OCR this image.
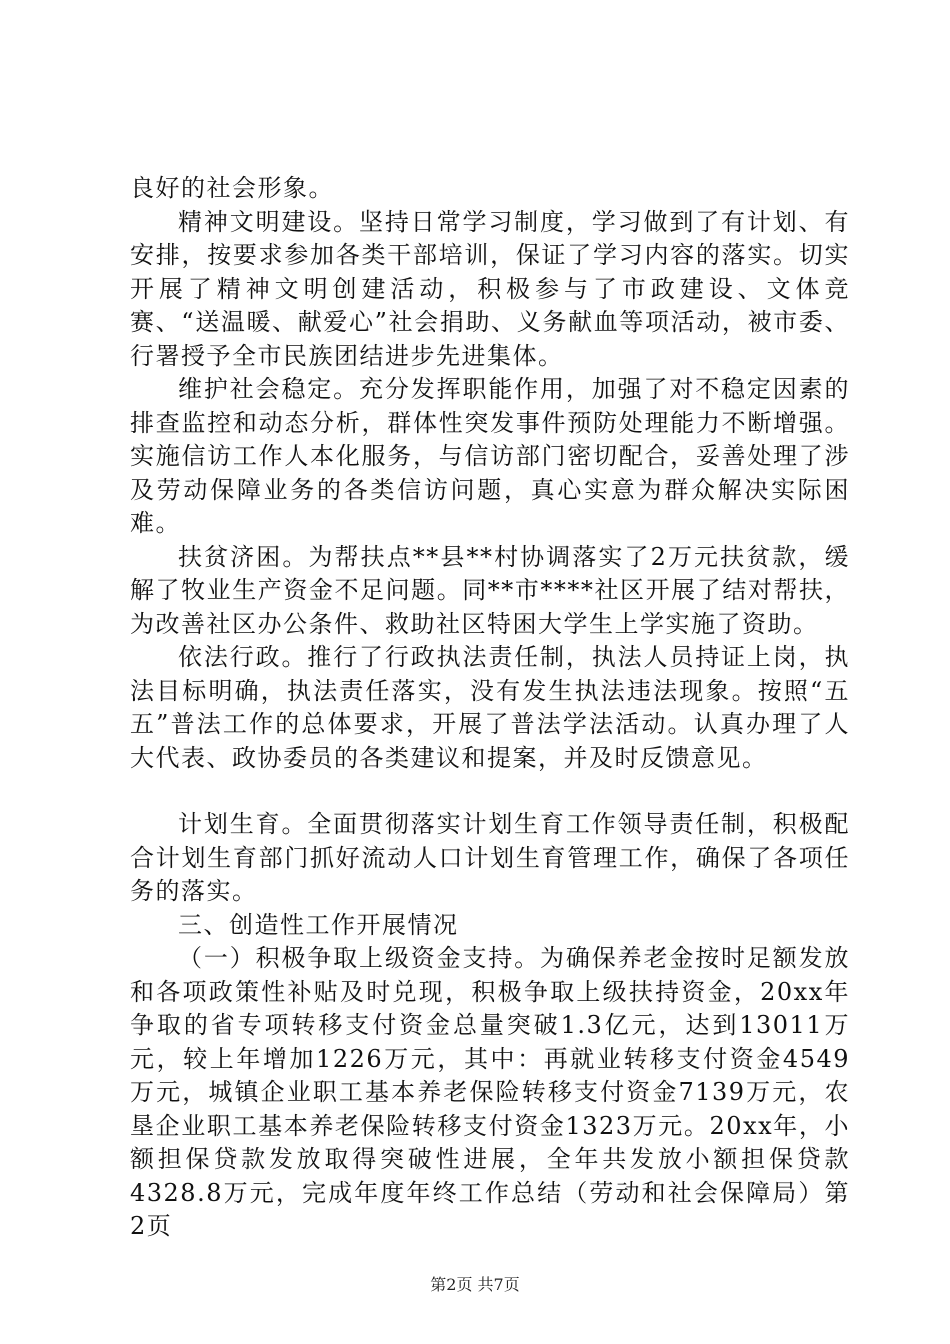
良好的社会形象。

精神文明建设。坚持日常学习制度，学习做到了有计划、有安排，按要求参加各类干部培训，保证了学习内容的落实。切实开展了精神文明创建活动，积极参与了市政建设、文体竞赛、“送温暖、献爱心”社会捐助、义务献血等项活动，被市委、行署授予全市民族团结进步先进集体。

维护社会稳定。充分发挥职能作用，加强了对不稳定因素的排查监控和动态分析，群体性突发事件预防处理能力不断增强。实施信访工作人本化服务，与信访部门密切配合，妥善处理了涉及劳动保障业务的各类信访问题，真心实意为群众解决实际困难。

扶贫济困。为帮扶点**县**村协调落实了2万元扶贫款，缓解了牧业生产资金不足问题。同**市****社区开展了结对帮扶，为改善社区办公条件、救助社区特困大学生上学实施了资助。

依法行政。推行了行政执法责任制，执法人员持证上岗，执法目标明确，执法责任落实，没有发生执法违法现象。按照“五五”普法工作的总体要求，开展了普法学法活动。认真办理了人大代表、政协委员的各类建议和提案，并及时反馈意见。

计划生育。全面贯彻落实计划生育工作领导责任制，积极配合计划生育部门抓好流动人口计划生育管理工作，确保了各项任务的落实。

三、创造性工作开展情况

（一）积极争取上级资金支持。为确保养老金按时足额发放和各项政策性补贴及时兑现，积极争取上级扶持资金，20xx年争取的省专项转移支付资金总量突破1.3亿元，达到13011万元，较上年增加1226万元，其中：再就业转移支付资金4549万元，城镇企业职工基本养老保险转移支付资金7139万元，农垦企业职工基本养老保险转移支付资金1323万元。20xx年，小额担保贷款发放取得突破性进展，全年共发放小额担保贷款4328.8万元，完成年度年终工作总结（劳动和社会保障局）第2页

第2页 共7页
